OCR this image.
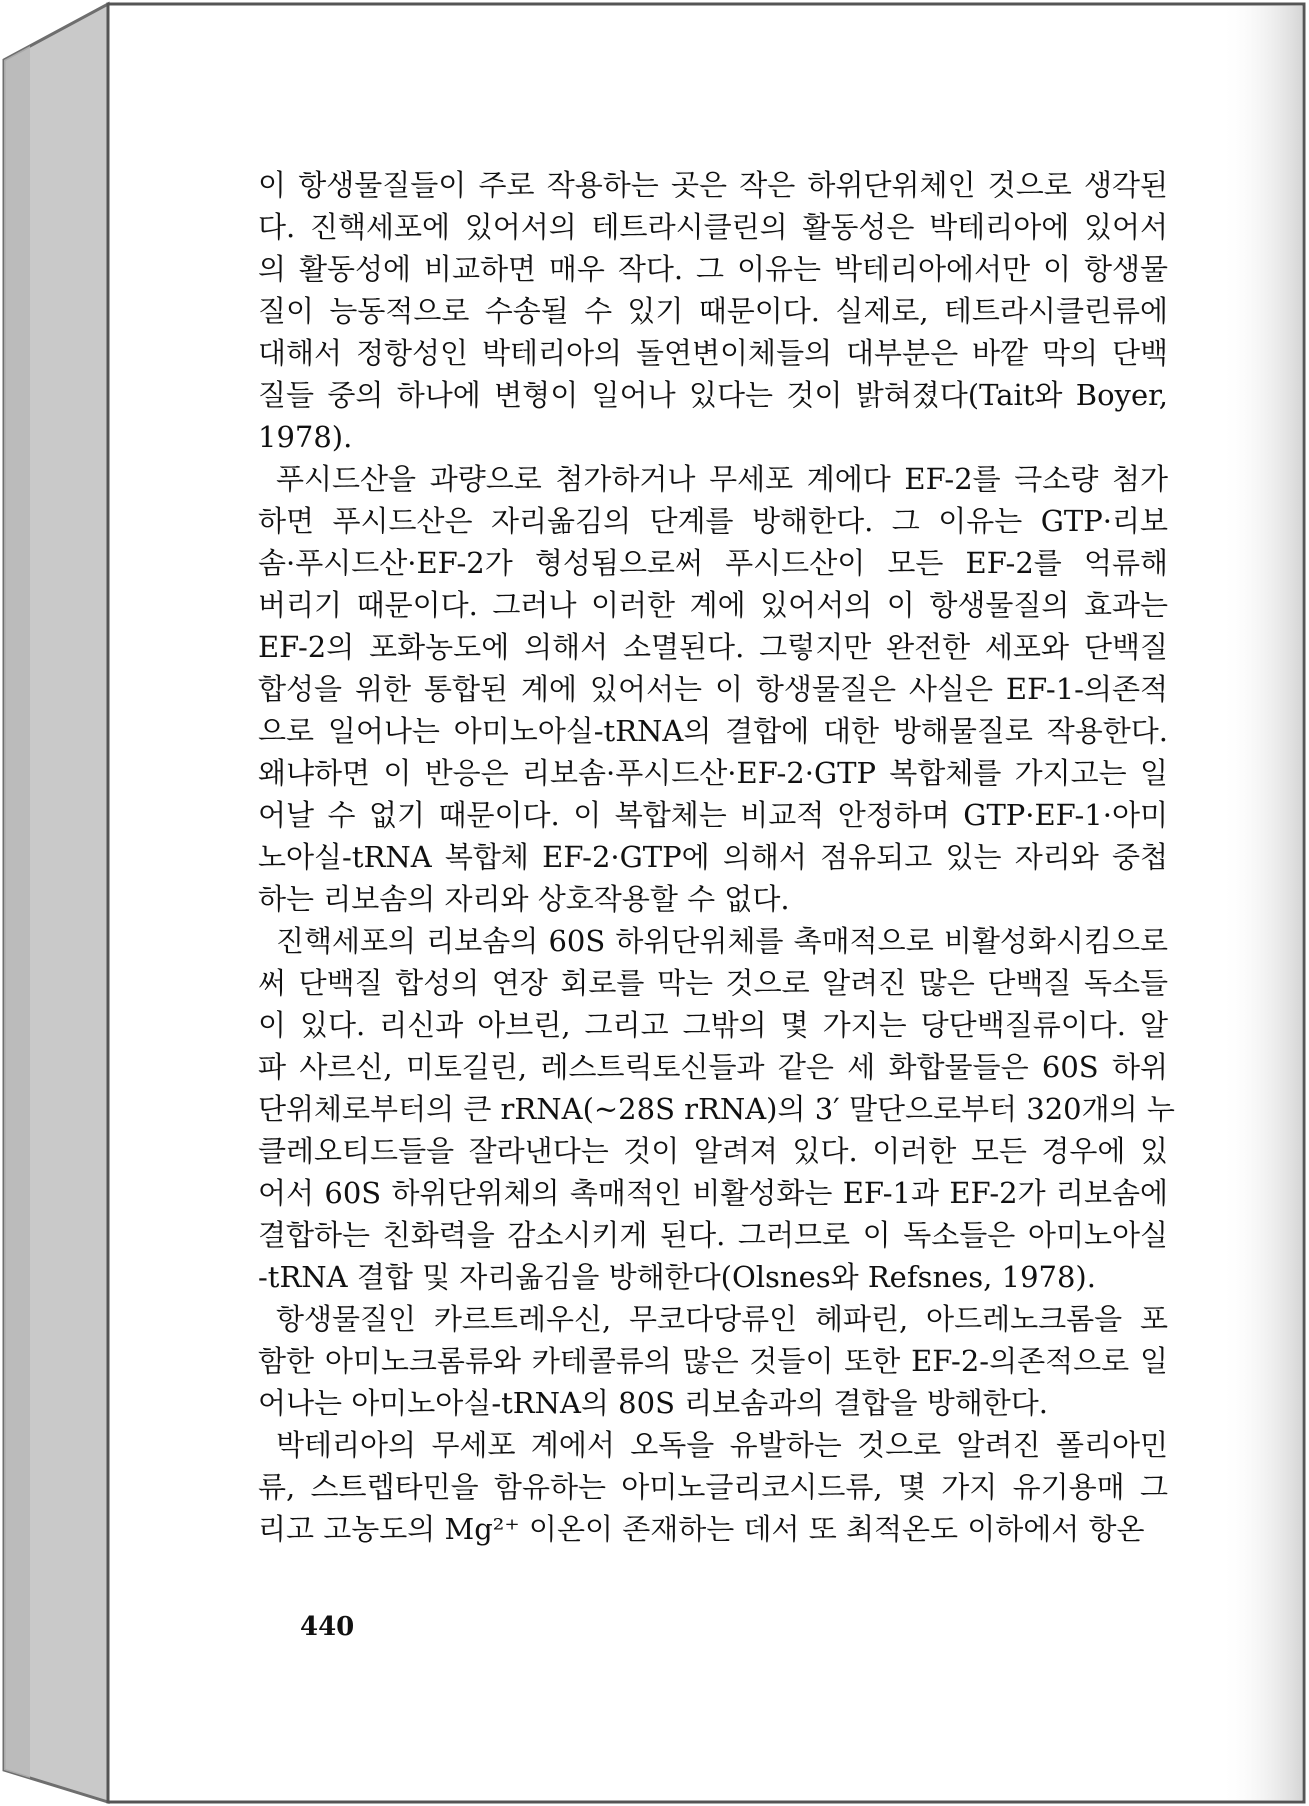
이 항생물질들이 주로 작용하는 곳은 작은 하위단위체인 것으로 생각된
다. 진핵세포에 있어서의 테트라시클린의 활동성은 박테리아에 있어서
의 활동성에 비교하면 매우 작다. 그 이유는 박테리아에서만 이 항생물
질이 능동적으로 수송될 수 있기 때문이다. 실제로, 테트라시클린류에
대해서 정항성인 박테리아의 돌연변이체들의 대부분은 바깥 막의 단백
질들 중의 하나에 변형이 일어나 있다는 것이 밝혀졌다(Tait와 Boyer,
1978).

푸시드산을 과량으로 첨가하거나 무세포 계에다 EF-2를 극소량 첨가
하면 푸시드산은 자리옮김의 단계를 방해한다. 그 이유는 GTP·리보
솜·푸시드산·EF-2가 형성됨으로써 푸시드산이 모든 EF-2를 억류해
버리기 때문이다. 그러나 이러한 계에 있어서의 이 항생물질의 효과는
EF-2의 포화농도에 의해서 소멸된다. 그렇지만 완전한 세포와 단백질
합성을 위한 통합된 계에 있어서는 이 항생물질은 사실은 EF-1-의존적
으로 일어나는 아미노아실-tRNA의 결합에 대한 방해물질로 작용한다.
왜냐하면 이 반응은 리보솜·푸시드산·EF-2·GTP 복합체를 가지고는 일
어날 수 없기 때문이다. 이 복합체는 비교적 안정하며 GTP·EF-1·아미
노아실-tRNA 복합체 EF-2·GTP에 의해서 점유되고 있는 자리와 중첩
하는 리보솜의 자리와 상호작용할 수 없다.

진핵세포의 리보솜의 60S 하위단위체를 촉매적으로 비활성화시킴으로
써 단백질 합성의 연장 회로를 막는 것으로 알려진 많은 단백질 독소들
이 있다. 리신과 아브린, 그리고 그밖의 몇 가지는 당단백질류이다. 알
파 사르신, 미토길린, 레스트릭토신들과 같은 세 화합물들은 60S 하위
단위체로부터의 큰 rRNA(~28S rRNA)의 3′ 말단으로부터 320개의 누
클레오티드들을 잘라낸다는 것이 알려져 있다. 이러한 모든 경우에 있
어서 60S 하위단위체의 촉매적인 비활성화는 EF-1과 EF-2가 리보솜에
결합하는 친화력을 감소시키게 된다. 그러므로 이 독소들은 아미노아실
-tRNA 결합 및 자리옮김을 방해한다(Olsnes와 Refsnes, 1978).

항생물질인 카르트레우신, 무코다당류인 헤파린, 아드레노크롬을 포
함한 아미노크롬류와 카테콜류의 많은 것들이 또한 EF-2-의존적으로 일
어나는 아미노아실-tRNA의 80S 리보솜과의 결합을 방해한다.

박테리아의 무세포 계에서 오독을 유발하는 것으로 알려진 폴리아민
류, 스트렙타민을 함유하는 아미노글리코시드류, 몇 가지 유기용매 그
리고 고농도의 Mg²⁺ 이온이 존재하는 데서 또 최적온도 이하에서 항온

440
